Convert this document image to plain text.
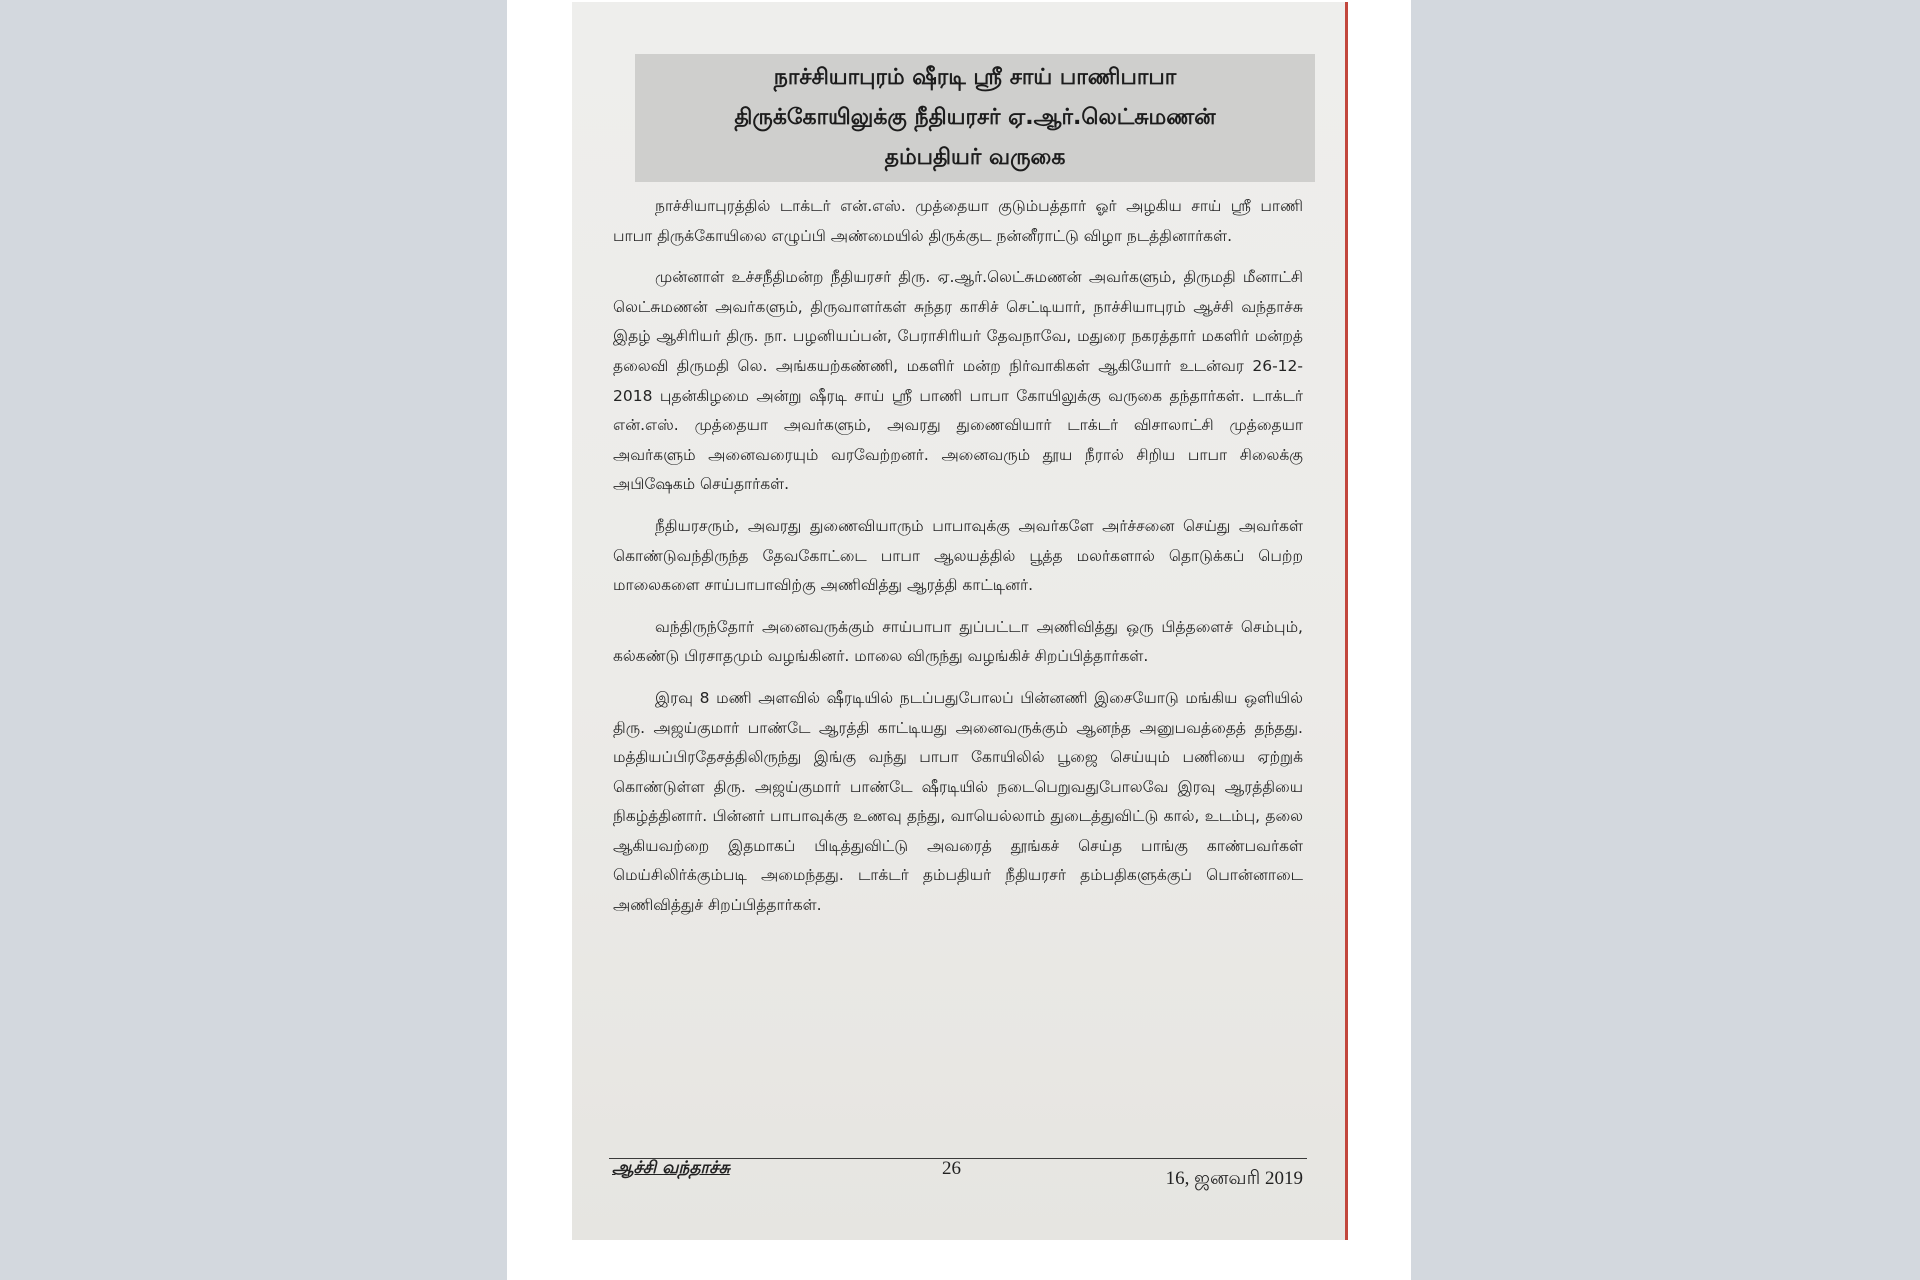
நாச்சியாபுரம் ஷீரடி ஸ்ரீ சாய் பாணிபாபா
திருக்கோயிலுக்கு நீதியரசர் ஏ.ஆர்.லெட்சுமணன்
தம்பதியர் வருகை

நாச்சியாபுரத்தில் டாக்டர் என்.எஸ். முத்தையா குடும்பத்தார் ஓர் அழகிய சாய் ஸ்ரீ பாணி பாபா திருக்கோயிலை எழுப்பி அண்மையில் திருக்குட நன்னீராட்டு விழா நடத்தினார்கள்.

முன்னாள் உச்சநீதிமன்ற நீதியரசர் திரு. ஏ.ஆர்.லெட்சுமணன் அவர்களும், திருமதி மீனாட்சி லெட்சுமணன் அவர்களும், திருவாளர்கள் சுந்தர காசிச் செட்டியார், நாச்சியாபுரம் ஆச்சி வந்தாச்சு இதழ் ஆசிரியர் திரு. நா. பழனியப்பன், பேராசிரியர் தேவநாவே, மதுரை நகரத்தார் மகளிர் மன்றத் தலைவி திருமதி லெ. அங்கயற்கண்ணி, மகளிர் மன்ற நிர்வாகிகள் ஆகியோர் உடன்வர 26-12-2018 புதன்கிழமை அன்று ஷீரடி சாய் ஸ்ரீ பாணி பாபா கோயிலுக்கு வருகை தந்தார்கள். டாக்டர் என்.எஸ். முத்தையா அவர்களும், அவரது துணைவியார் டாக்டர் விசாலாட்சி முத்தையா அவர்களும் அனைவரையும் வரவேற்றனர். அனைவரும் தூய நீரால் சிறிய பாபா சிலைக்கு அபிஷேகம் செய்தார்கள்.

நீதியரசரும், அவரது துணைவியாரும் பாபாவுக்கு அவர்களே அர்ச்சனை செய்து அவர்கள் கொண்டுவந்திருந்த தேவகோட்டை பாபா ஆலயத்தில் பூத்த மலர்களால் தொடுக்கப் பெற்ற மாலைகளை சாய்பாபாவிற்கு அணிவித்து ஆரத்தி காட்டினர்.

வந்திருந்தோர் அனைவருக்கும் சாய்பாபா துப்பட்டா அணிவித்து ஒரு பித்தளைச் செம்பும், கல்கண்டு பிரசாதமும் வழங்கினர். மாலை விருந்து வழங்கிச் சிறப்பித்தார்கள்.

இரவு 8 மணி அளவில் ஷீரடியில் நடப்பதுபோலப் பின்னணி இசையோடு மங்கிய ஒளியில் திரு. அஜய்குமார் பாண்டே ஆரத்தி காட்டியது அனைவருக்கும் ஆனந்த அனுபவத்தைத் தந்தது. மத்தியப்பிரதேசத்திலிருந்து இங்கு வந்து பாபா கோயிலில் பூஜை செய்யும் பணியை ஏற்றுக் கொண்டுள்ள திரு. அஜய்குமார் பாண்டே ஷீரடியில் நடைபெறுவதுபோலவே இரவு ஆரத்தியை நிகழ்த்தினார். பின்னர் பாபாவுக்கு உணவு தந்து, வாயெல்லாம் துடைத்துவிட்டு கால், உடம்பு, தலை ஆகியவற்றை இதமாகப் பிடித்துவிட்டு அவரைத் தூங்கச் செய்த பாங்கு காண்பவர்கள் மெய்சிலிர்க்கும்படி அமைந்தது. டாக்டர் தம்பதியர் நீதியரசர் தம்பதிகளுக்குப் பொன்னாடை அணிவித்துச் சிறப்பித்தார்கள்.

ஆச்சி வந்தாச்சு	26	16, ஜனவரி 2019
